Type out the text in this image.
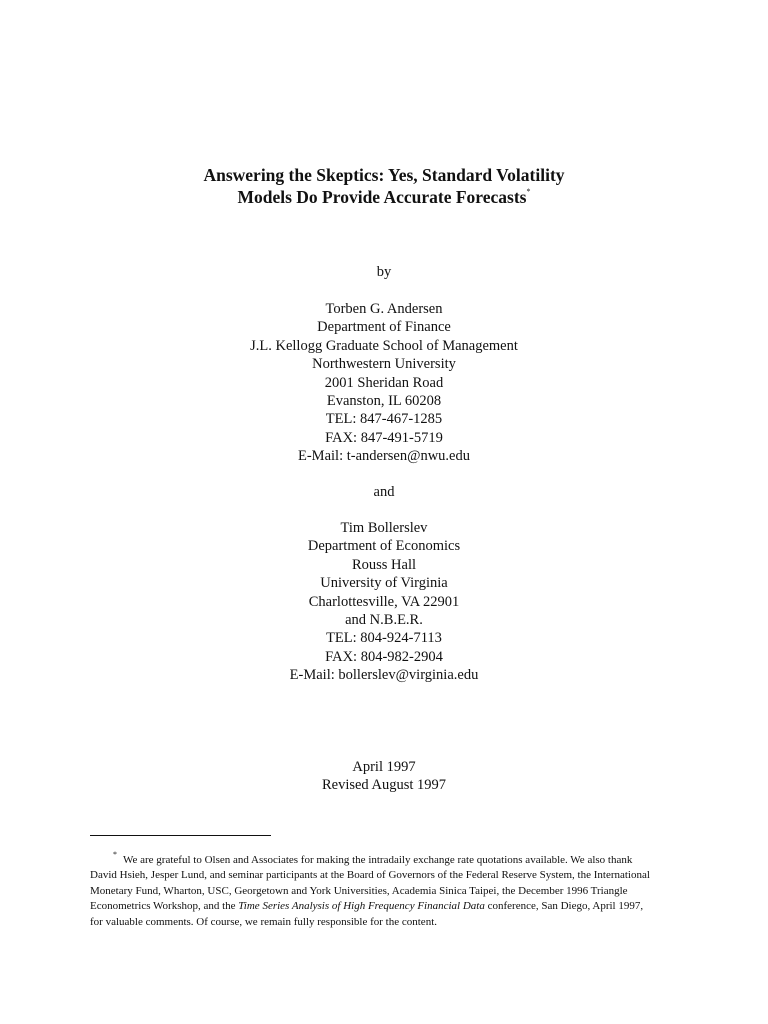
Answering the Skeptics: Yes, Standard Volatility
Models Do Provide Accurate Forecasts*
by
Torben G. Andersen
Department of Finance
J.L. Kellogg Graduate School of Management
Northwestern University
2001 Sheridan Road
Evanston, IL 60208
TEL: 847-467-1285
FAX: 847-491-5719
E-Mail: t-andersen@nwu.edu
and
Tim Bollerslev
Department of Economics
Rouss Hall
University of Virginia
Charlottesville, VA 22901
and N.B.E.R.
TEL: 804-924-7113
FAX: 804-982-2904
E-Mail: bollerslev@virginia.edu
April 1997
Revised August 1997
* We are grateful to Olsen and Associates for making the intradaily exchange rate quotations available. We also thank
David Hsieh, Jesper Lund, and seminar participants at the Board of Governors of the Federal Reserve System, the International
Monetary Fund, Wharton, USC, Georgetown and York Universities, Academia Sinica Taipei, the December 1996 Triangle
Econometrics Workshop, and the Time Series Analysis of High Frequency Financial Data conference, San Diego, April 1997,
for valuable comments. Of course, we remain fully responsible for the content.
